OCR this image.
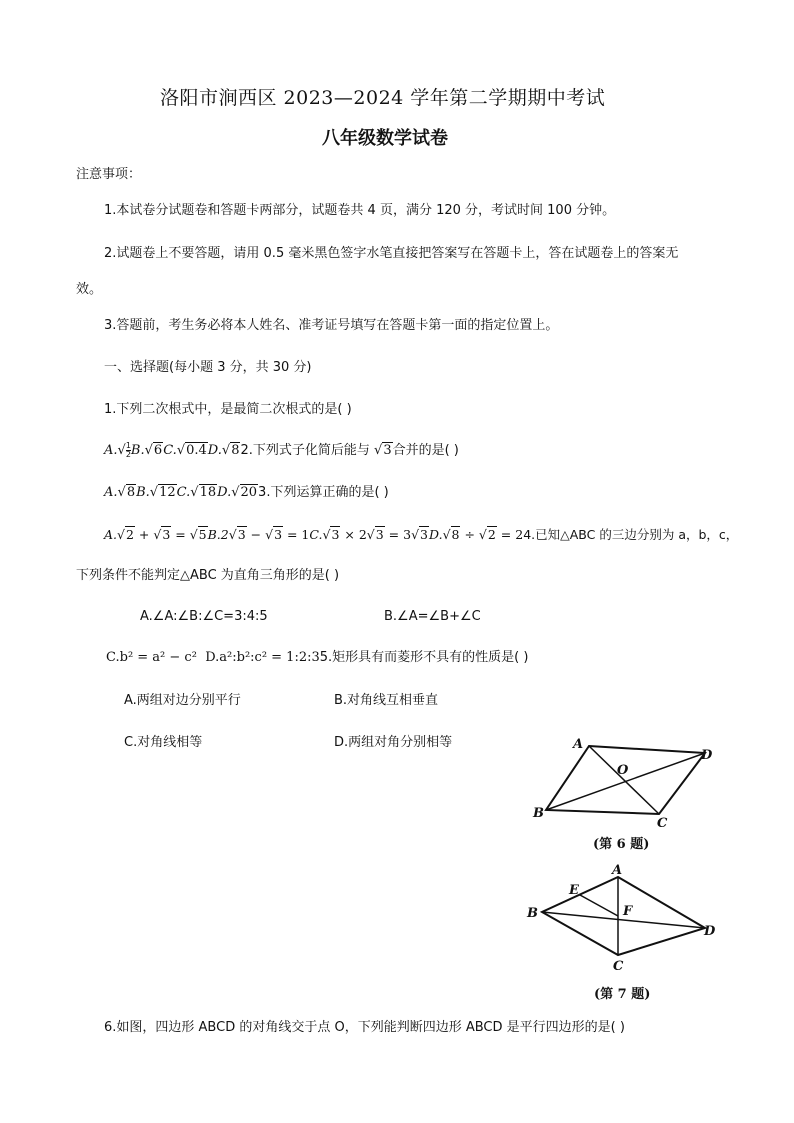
洛阳市涧西区 2023—2024 学年第二学期期中考试
八年级数学试卷
注意事项：
1.本试卷分试题卷和答题卡两部分，试题卷共 4 页，满分 120 分，考试时间 100 分钟。
2.试题卷上不要答题，请用 0.5 毫米黑色签字水笔直接把答案写在答题卡上，答在试题卷上的答案无
效。
3.答题前，考生务必将本人姓名、准考证号填写在答题卡第一面的指定位置上。
一、选择题(每小题 3 分，共 30 分)
1.下列二次根式中，是最简二次根式的是( )
$A.√ \frac{1}{2} B.√6C.√0.4D.√82$.下列式子化简后能与 √3合并的是( )
A.√8B.√12C.√18D.√203.下列运算正确的是( )
A.√2 + √3 = √5B.2√3 − √3 = 1C.√3 × 2√3 = 3√3D.√8 ÷ √2 = 24.已知△ABC 的三边分别为 a，b，c，
下列条件不能判定△ABC 为直角三角形的是( )
A.∠A:∠B:∠C=3:4:5	B.∠A=∠B+∠C
C.b² = a² − c² D.a²:b²:c² = 1:2:35.矩形具有而菱形不具有的性质是( )
A.两组对边分别平行	B.对角线互相垂直
C.对角线相等	D.两组对角分别相等	A
D
O
B
C
(第 6 题)
A
E
F
B
D
C
(第 7 题)
6.如图，四边形 ABCD 的对角线交于点 O，下列能判断四边形 ABCD 是平行四边形的是( )
